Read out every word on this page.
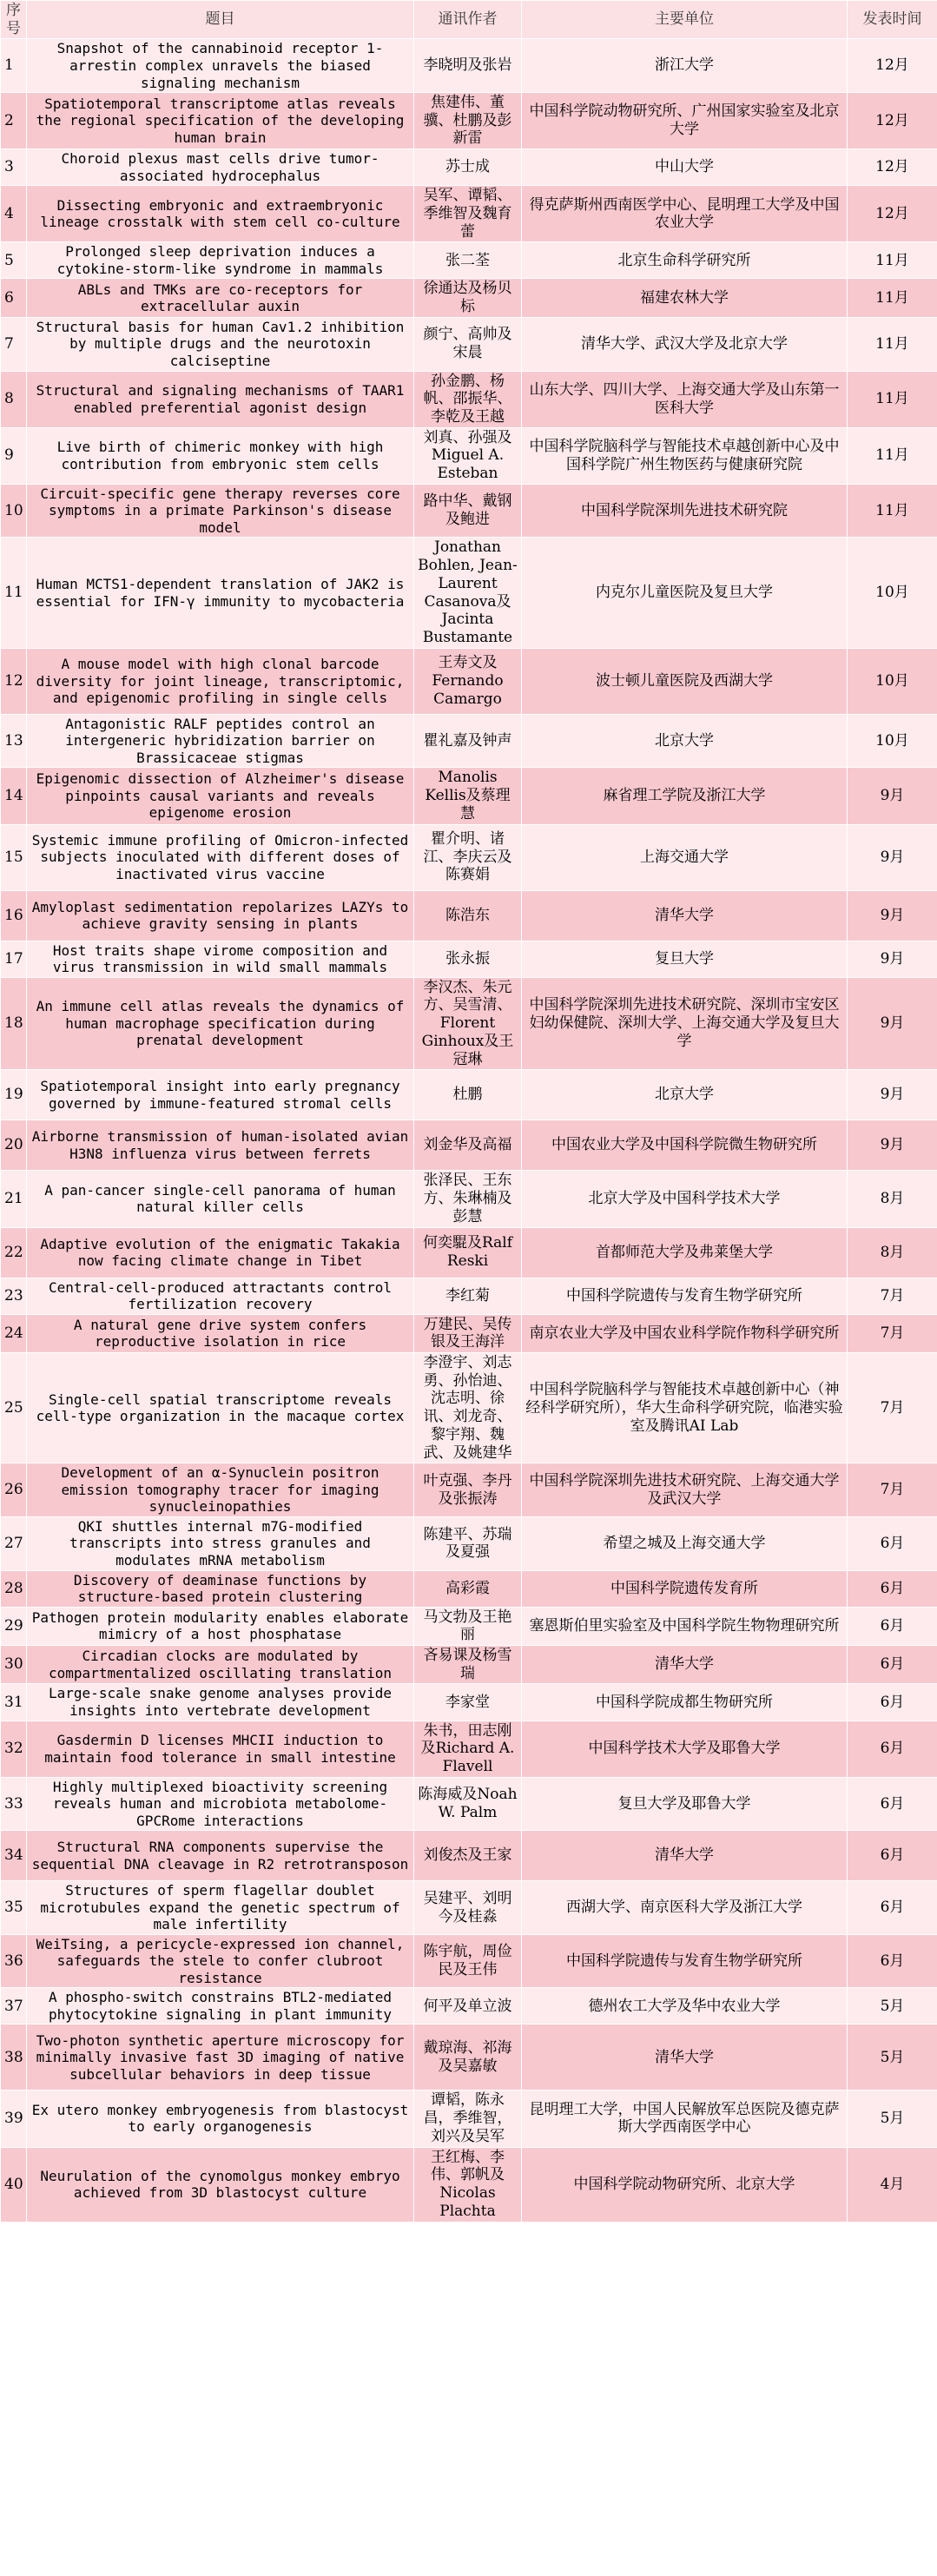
序号	题目	通讯作者	主要单位	发表时间
1	Snapshot of the cannabinoid receptor 1-arrestin complex unravels the biased signaling mechanism	李晓明及张岩	浙江大学	12月
2	Spatiotemporal transcriptome atlas reveals the regional specification of the developing human brain	焦建伟、董骥、杜鹏及彭新雷	中国科学院动物研究所、广州国家实验室及北京大学	12月
3	Choroid plexus mast cells drive tumor-associated hydrocephalus	苏士成	中山大学	12月
4	Dissecting embryonic and extraembryonic lineage crosstalk with stem cell co-culture	吴军、谭韬、季维智及魏育蕾	得克萨斯州西南医学中心、昆明理工大学及中国农业大学	12月
5	Prolonged sleep deprivation induces a cytokine-storm-like syndrome in mammals	张二荃	北京生命科学研究所	11月
6	ABLs and TMKs are co-receptors for extracellular auxin	徐通达及杨贝标	福建农林大学	11月
7	Structural basis for human Cav1.2 inhibition by multiple drugs and the neurotoxin calciseptine	颜宁、高帅及宋晨	清华大学、武汉大学及北京大学	11月
8	Structural and signaling mechanisms of TAAR1 enabled preferential agonist design	孙金鹏、杨帆、邵振华、李乾及王越	山东大学、四川大学、上海交通大学及山东第一医科大学	11月
9	Live birth of chimeric monkey with high contribution from embryonic stem cells	刘真、孙强及Miguel A. Esteban	中国科学院脑科学与智能技术卓越创新中心及中国科学院广州生物医药与健康研究院	11月
10	Circuit-specific gene therapy reverses core symptoms in a primate Parkinson's disease model	路中华、戴钢及鲍进	中国科学院深圳先进技术研究院	11月
11	Human MCTS1-dependent translation of JAK2 is essential for IFN-γ immunity to mycobacteria	Jonathan Bohlen, Jean-Laurent Casanova及Jacinta Bustamante	内克尔儿童医院及复旦大学	10月
12	A mouse model with high clonal barcode diversity for joint lineage, transcriptomic, and epigenomic profiling in single cells	王寿文及Fernando Camargo	波士顿儿童医院及西湖大学	10月
13	Antagonistic RALF peptides control an intergeneric hybridization barrier on Brassicaceae stigmas	瞿礼嘉及钟声	北京大学	10月
14	Epigenomic dissection of Alzheimer's disease pinpoints causal variants and reveals epigenome erosion	Manolis Kellis及蔡理慧	麻省理工学院及浙江大学	9月
15	Systemic immune profiling of Omicron-infected subjects inoculated with different doses of inactivated virus vaccine	瞿介明、诸江、李庆云及陈赛娟	上海交通大学	9月
16	Amyloplast sedimentation repolarizes LAZYs to achieve gravity sensing in plants	陈浩东	清华大学	9月
17	Host traits shape virome composition and virus transmission in wild small mammals	张永振	复旦大学	9月
18	An immune cell atlas reveals the dynamics of human macrophage specification during prenatal development	李汉杰、朱元方、吴雪清、Florent Ginhoux及王冠琳	中国科学院深圳先进技术研究院、深圳市宝安区妇幼保健院、深圳大学、上海交通大学及复旦大学	9月
19	Spatiotemporal insight into early pregnancy governed by immune-featured stromal cells	杜鹏	北京大学	9月
20	Airborne transmission of human-isolated avian H3N8 influenza virus between ferrets	刘金华及高福	中国农业大学及中国科学院微生物研究所	9月
21	A pan-cancer single-cell panorama of human natural killer cells	张泽民、王东方、朱琳楠及彭慧	北京大学及中国科学技术大学	8月
22	Adaptive evolution of the enigmatic Takakia now facing climate change in Tibet	何奕騉及Ralf Reski	首都师范大学及弗莱堡大学	8月
23	Central-cell-produced attractants control fertilization recovery	李红菊	中国科学院遗传与发育生物学研究所	7月
24	A natural gene drive system confers reproductive isolation in rice	万建民、吴传银及王海洋	南京农业大学及中国农业科学院作物科学研究所	7月
25	Single-cell spatial transcriptome reveals cell-type organization in the macaque cortex	李澄宇、刘志勇、孙怡迪、沈志明、徐讯、刘龙奇、黎宇翔、魏武、及姚建华	中国科学院脑科学与智能技术卓越创新中心（神经科学研究所），华大生命科学研究院，临港实验室及腾讯AI Lab	7月
26	Development of an α-Synuclein positron emission tomography tracer for imaging synucleinopathies	叶克强、李丹及张振涛	中国科学院深圳先进技术研究院、上海交通大学及武汉大学	7月
27	QKI shuttles internal m7G-modified transcripts into stress granules and modulates mRNA metabolism	陈建平、苏瑞及夏强	希望之城及上海交通大学	6月
28	Discovery of deaminase functions by structure-based protein clustering	高彩霞	中国科学院遗传发育所	6月
29	Pathogen protein modularity enables elaborate mimicry of a host phosphatase	马文勃及王艳丽	塞恩斯伯里实验室及中国科学院生物物理研究所	6月
30	Circadian clocks are modulated by compartmentalized oscillating translation	吝易课及杨雪瑞	清华大学	6月
31	Large-scale snake genome analyses provide insights into vertebrate development	李家堂	中国科学院成都生物研究所	6月
32	Gasdermin D licenses MHCII induction to maintain food tolerance in small intestine	朱书，田志刚及Richard A. Flavell	中国科学技术大学及耶鲁大学	6月
33	Highly multiplexed bioactivity screening reveals human and microbiota metabolome-GPCRome interactions	陈海威及Noah W. Palm	复旦大学及耶鲁大学	6月
34	Structural RNA components supervise the sequential DNA cleavage in R2 retrotransposon	刘俊杰及王家	清华大学	6月
35	Structures of sperm flagellar doublet microtubules expand the genetic spectrum of male infertility	吴建平、刘明今及桂淼	西湖大学、南京医科大学及浙江大学	6月
36	WeiTsing, a pericycle-expressed ion channel, safeguards the stele to confer clubroot resistance	陈宇航，周俭民及王伟	中国科学院遗传与发育生物学研究所	6月
37	A phospho-switch constrains BTL2-mediated phytocytokine signaling in plant immunity	何平及单立波	德州农工大学及华中农业大学	5月
38	Two-photon synthetic aperture microscopy for minimally invasive fast 3D imaging of native subcellular behaviors in deep tissue	戴琼海、祁海及吴嘉敏	清华大学	5月
39	Ex utero monkey embryogenesis from blastocyst to early organogenesis	谭韬，陈永昌，季维智，刘兴及吴军	昆明理工大学，中国人民解放军总医院及德克萨斯大学西南医学中心	5月
40	Neurulation of the cynomolgus monkey embryo achieved from 3D blastocyst culture	王红梅、李伟、郭帆及Nicolas Plachta	中国科学院动物研究所、北京大学	4月
知乎 @央科医学
